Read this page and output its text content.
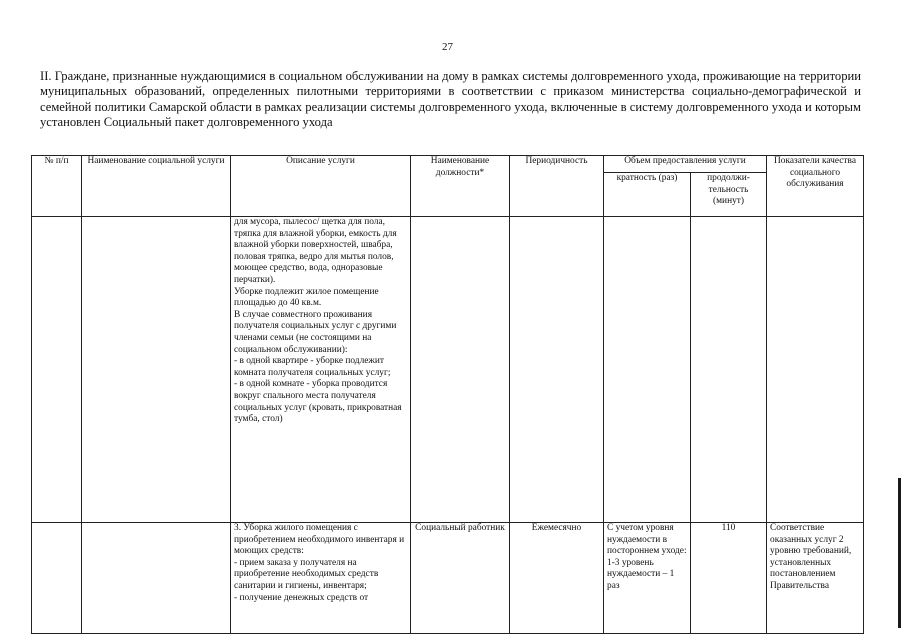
27
II. Граждане, признанные нуждающимися в социальном обслуживании на дому в рамках системы долговременного ухода, проживающие на территории муниципальных образований, определенных пилотными территориями в соответствии с приказом министерства социально-демографической и семейной политики Самарской области в рамках реализации системы долговременного ухода, включенные в систему долговременного ухода и которым установлен Социальный пакет долговременного ухода
№ п/п	Наименование социальной услуги	Описание услуги	Наименование должности*	Периодичность	Объем предоставления услуги		Показатели качества социального обслуживания
					кратность (раз)	продолжи-тельность (минут)	

		для мусора, пылесос/ щетка для пола, тряпка для влажной уборки, емкость для влажной уборки поверхностей, швабра, половая тряпка, ведро для мытья полов, моющее средство, вода, одноразовые перчатки).
Уборке подлежит жилое помещение площадью до 40 кв.м.
В случае совместного проживания получателя социальных услуг с другими членами семьи (не состоящими на социальном обслуживании):
- в одной квартире - уборке подлежит комната получателя социальных услуг;
- в одной комнате - уборка проводится вокруг спального места получателя социальных услуг (кровать, прикроватная тумба, стол)					

		3. Уборка жилого помещения с приобретением необходимого инвентаря и моющих средств:
- прием заказа у получателя на приобретение необходимых средств санитарии и гигиены, инвентаря;
- получение денежных средств от	Социальный работник	Ежемесячно	С учетом уровня нуждаемости в постороннем уходе:
1-3 уровень нуждаемости – 1 раз	110	Соответствие оказанных услуг 2 уровню требований, установленных постановлением Правительства
